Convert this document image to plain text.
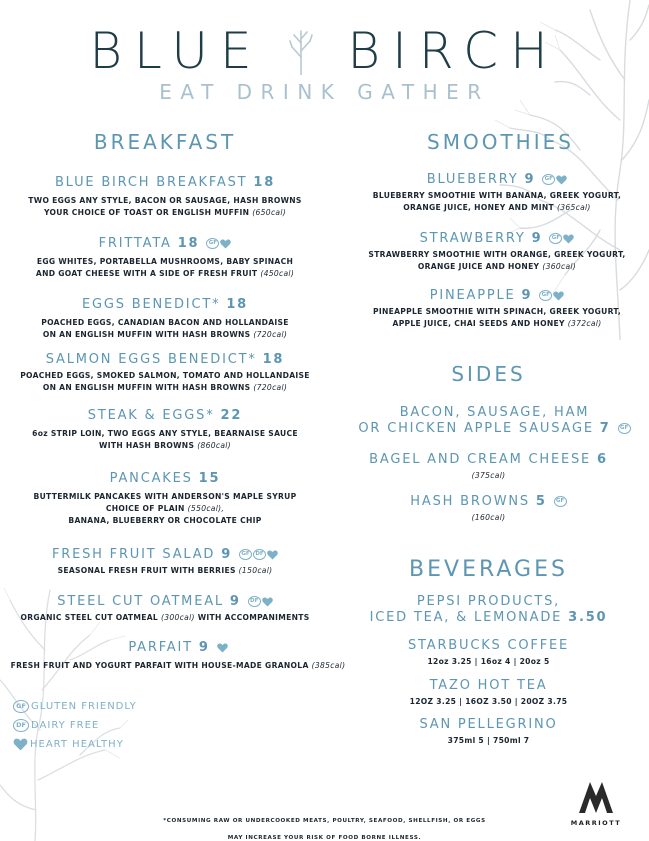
BLUE BIRCH
EAT DRINK GATHER
BREAKFAST
BLUE BIRCH BREAKFAST 18
TWO EGGS ANY STYLE, BACON OR SAUSAGE, HASH BROWNS
YOUR CHOICE OF TOAST OR ENGLISH MUFFIN (650cal)
FRITTATA 18 GF
EGG WHITES, PORTABELLA MUSHROOMS, BABY SPINACH
AND GOAT CHEESE WITH A SIDE OF FRESH FRUIT (450cal)
EGGS BENEDICT* 18
POACHED EGGS, CANADIAN BACON AND HOLLANDAISE
ON AN ENGLISH MUFFIN WITH HASH BROWNS (720cal)
SALMON EGGS BENEDICT* 18
POACHED EGGS, SMOKED SALMON, TOMATO AND HOLLANDAISE
ON AN ENGLISH MUFFIN WITH HASH BROWNS (720cal)
STEAK & EGGS* 22
6oz STRIP LOIN, TWO EGGS ANY STYLE, BEARNAISE SAUCE
WITH HASH BROWNS (860cal)
PANCAKES 15
BUTTERMILK PANCAKES WITH ANDERSON'S MAPLE SYRUP
CHOICE OF PLAIN (550cal),
BANANA, BLUEBERRY OR CHOCOLATE CHIP
FRESH FRUIT SALAD 9 GF DF
SEASONAL FRESH FRUIT WITH BERRIES (150cal)
STEEL CUT OATMEAL 9 DF
ORGANIC STEEL CUT OATMEAL (300cal) WITH ACCOMPANIMENTS
PARFAIT 9
FRESH FRUIT AND YOGURT PARFAIT WITH HOUSE-MADE GRANOLA (385cal)
GF GLUTEN FRIENDLY
DF DAIRY FREE
HEART HEALTHY
SMOOTHIES
BLUEBERRY 9 GF
BLUEBERRY SMOOTHIE WITH BANANA, GREEK YOGURT,
ORANGE JUICE, HONEY AND MINT (365cal)
STRAWBERRY 9 GF
STRAWBERRY SMOOTHIE WITH ORANGE, GREEK YOGURT,
ORANGE JUICE AND HONEY (360cal)
PINEAPPLE 9 GF
PINEAPPLE SMOOTHIE WITH SPINACH, GREEK YOGURT,
APPLE JUICE, CHAI SEEDS AND HONEY (372cal)
SIDES
BACON, SAUSAGE, HAM
OR CHICKEN APPLE SAUSAGE 7 GF
BAGEL AND CREAM CHEESE 6
(375cal)
HASH BROWNS 5 GF
(160cal)
BEVERAGES
PEPSI PRODUCTS,
ICED TEA, & LEMONADE 3.50
STARBUCKS COFFEE
12oz 3.25 | 16oz 4 | 20oz 5
TAZO HOT TEA
12OZ 3.25 | 16OZ 3.50 | 20OZ 3.75
SAN PELLEGRINO
375ml 5 | 750ml 7
*CONSUMING RAW OR UNDERCOOKED MEATS, POULTRY, SEAFOOD, SHELLFISH, OR EGGS
MAY INCREASE YOUR RISK OF FOOD BORNE ILLNESS.
MARRIOTT
